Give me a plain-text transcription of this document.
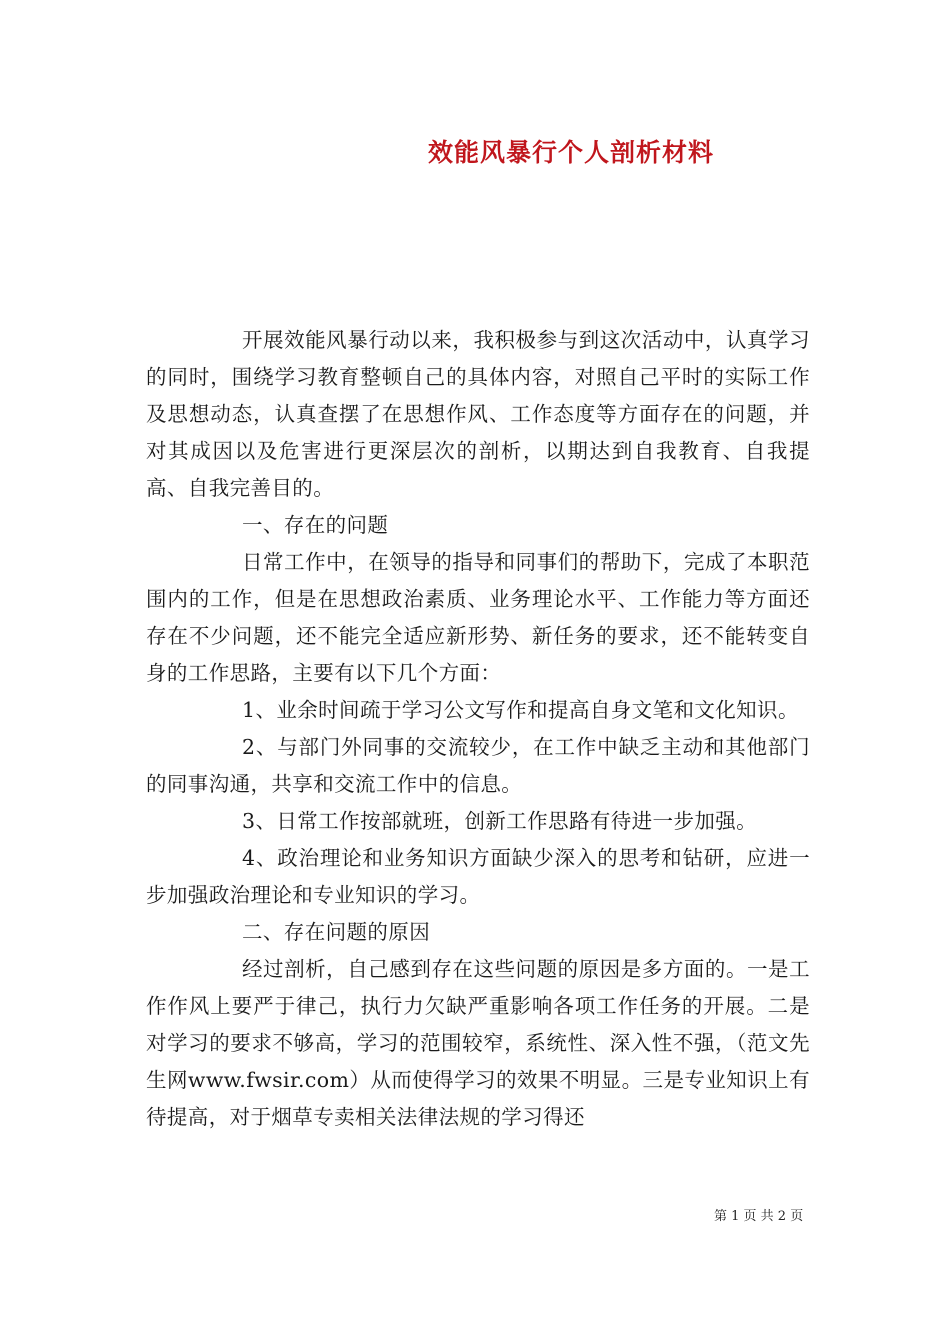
效能风暴行个人剖析材料

开展效能风暴行动以来，我积极参与到这次活动中，认真学习的同时，围绕学习教育整顿自己的具体内容，对照自己平时的实际工作及思想动态，认真查摆了在思想作风、工作态度等方面存在的问题，并对其成因以及危害进行更深层次的剖析，以期达到自我教育、自我提高、自我完善目的。

一、存在的问题

日常工作中，在领导的指导和同事们的帮助下，完成了本职范围内的工作，但是在思想政治素质、业务理论水平、工作能力等方面还存在不少问题，还不能完全适应新形势、新任务的要求，还不能转变自身的工作思路，主要有以下几个方面：

1、业余时间疏于学习公文写作和提高自身文笔和文化知识。

2、与部门外同事的交流较少，在工作中缺乏主动和其他部门的同事沟通，共享和交流工作中的信息。

3、日常工作按部就班，创新工作思路有待进一步加强。

4、政治理论和业务知识方面缺少深入的思考和钻研，应进一步加强政治理论和专业知识的学习。

二、存在问题的原因

经过剖析，自己感到存在这些问题的原因是多方面的。一是工作作风上要严于律己，执行力欠缺严重影响各项工作任务的开展。二是对学习的要求不够高，学习的范围较窄，系统性、深入性不强，（范文先生网www.fwsir.com）从而使得学习的效果不明显。三是专业知识上有待提高，对于烟草专卖相关法律法规的学习得还

第 1 页 共 2 页
